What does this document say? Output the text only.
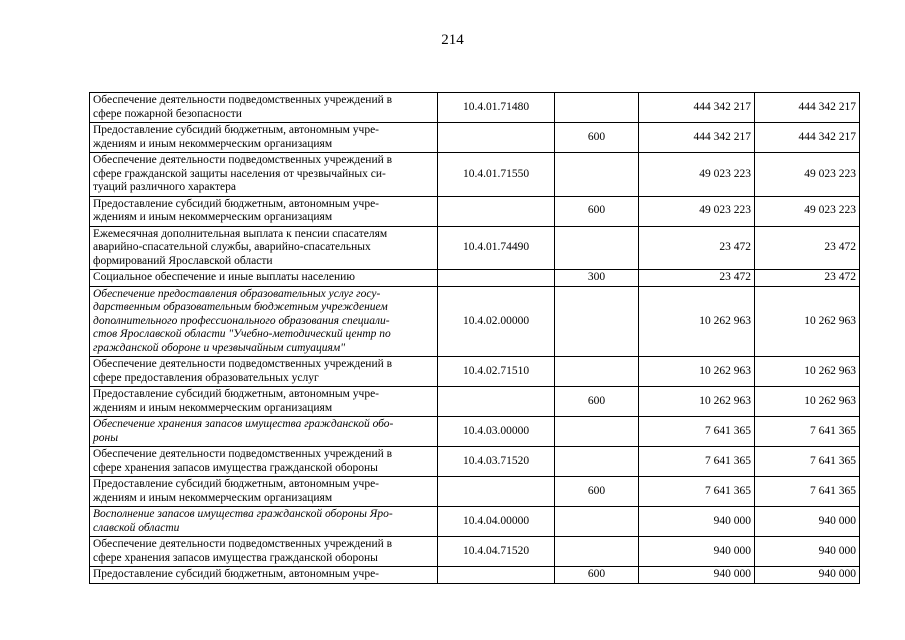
214
Обеспечение деятельности подведомственных учреждений в
сфере пожарной безопасности	10.4.01.71480		444 342 217	444 342 217

Предоставление субсидий бюджетным, автономным учре-
ждениям и иным некоммерческим организациям		600	444 342 217	444 342 217

Обеспечение деятельности подведомственных учреждений в
сфере гражданской защиты населения от чрезвычайных си-
туаций различного характера	10.4.01.71550		49 023 223	49 023 223

Предоставление субсидий бюджетным, автономным учре-
ждениям и иным некоммерческим организациям		600	49 023 223	49 023 223

Ежемесячная дополнительная выплата к пенсии спасателям
аварийно-спасательной службы, аварийно-спасательных
формирований Ярославской области	10.4.01.74490		23 472	23 472

Социальное обеспечение и иные выплаты населению		300	23 472	23 472

Обеспечение предоставления образовательных услуг госу-
дарственным образовательным бюджетным учреждением
дополнительного профессионального образования специали-
стов Ярославской области "Учебно-методический центр по
гражданской обороне и чрезвычайным ситуациям"	10.4.02.00000		10 262 963	10 262 963

Обеспечение деятельности подведомственных учреждений в
сфере предоставления образовательных услуг	10.4.02.71510		10 262 963	10 262 963

Предоставление субсидий бюджетным, автономным учре-
ждениям и иным некоммерческим организациям		600	10 262 963	10 262 963

Обеспечение хранения запасов имущества гражданской обо-
роны	10.4.03.00000		7 641 365	7 641 365

Обеспечение деятельности подведомственных учреждений в
сфере хранения запасов имущества гражданской обороны	10.4.03.71520		7 641 365	7 641 365

Предоставление субсидий бюджетным, автономным учре-
ждениям и иным некоммерческим организациям		600	7 641 365	7 641 365

Восполнение запасов имущества гражданской обороны Яро-
славской области	10.4.04.00000		940 000	940 000

Обеспечение деятельности подведомственных учреждений в
сфере хранения запасов имущества гражданской обороны	10.4.04.71520		940 000	940 000

Предоставление субсидий бюджетным, автономным учре-		600	940 000	940 000
